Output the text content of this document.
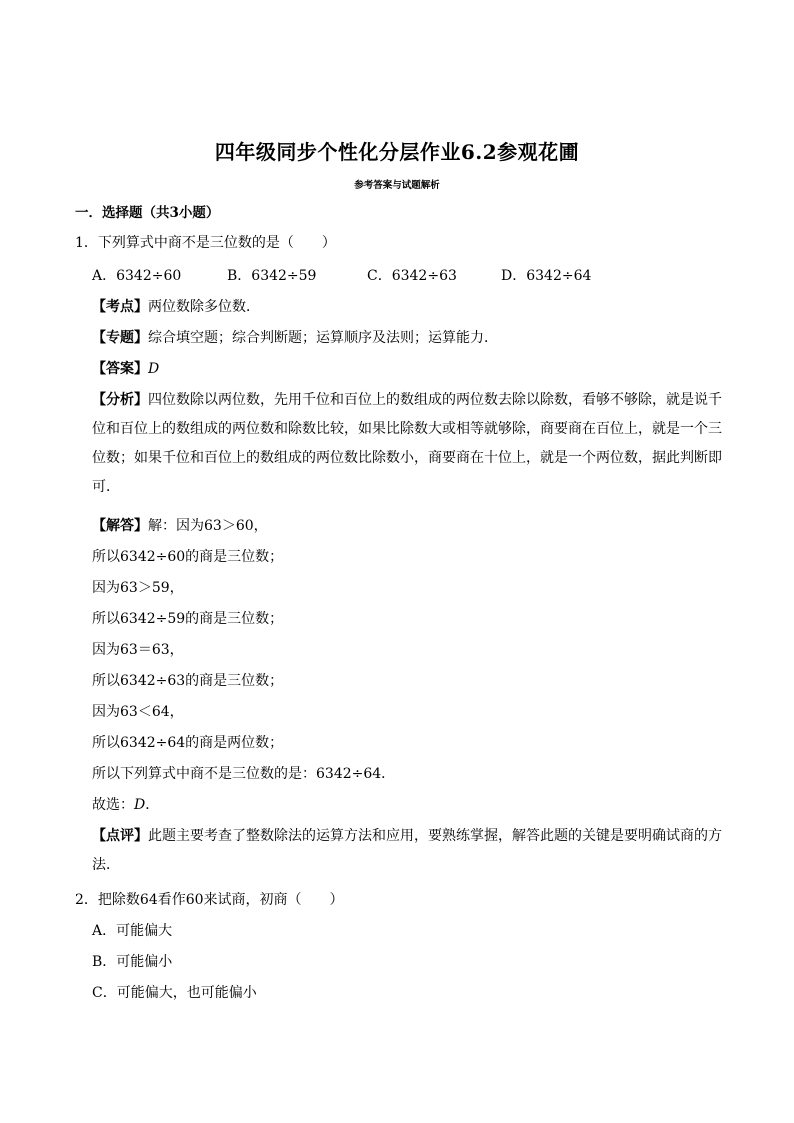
四年级同步个性化分层作业6.2参观花圃
参考答案与试题解析
一．选择题（共3小题）
1．下列算式中商不是三位数的是（　　）
A．6342÷60	B．6342÷59	C．6342÷63	D．6342÷64
【考点】两位数除多位数．
【专题】综合填空题；综合判断题；运算顺序及法则；运算能力．
【答案】D
【分析】四位数除以两位数，先用千位和百位上的数组成的两位数去除以除数，看够不够除，就是说千位和百位上的数组成的两位数和除数比较，如果比除数大或相等就够除，商要商在百位上，就是一个三位数；如果千位和百位上的数组成的两位数比除数小，商要商在十位上，就是一个两位数，据此判断即可．
【解答】解：因为63＞60，
所以6342÷60的商是三位数；
因为63＞59，
所以6342÷59的商是三位数；
因为63＝63，
所以6342÷63的商是三位数；
因为63＜64，
所以6342÷64的商是两位数；
所以下列算式中商不是三位数的是：6342÷64．
故选：D．
【点评】此题主要考查了整数除法的运算方法和应用，要熟练掌握，解答此题的关键是要明确试商的方法．
2．把除数64看作60来试商，初商（　　）
A．可能偏大
B．可能偏小
C．可能偏大，也可能偏小
